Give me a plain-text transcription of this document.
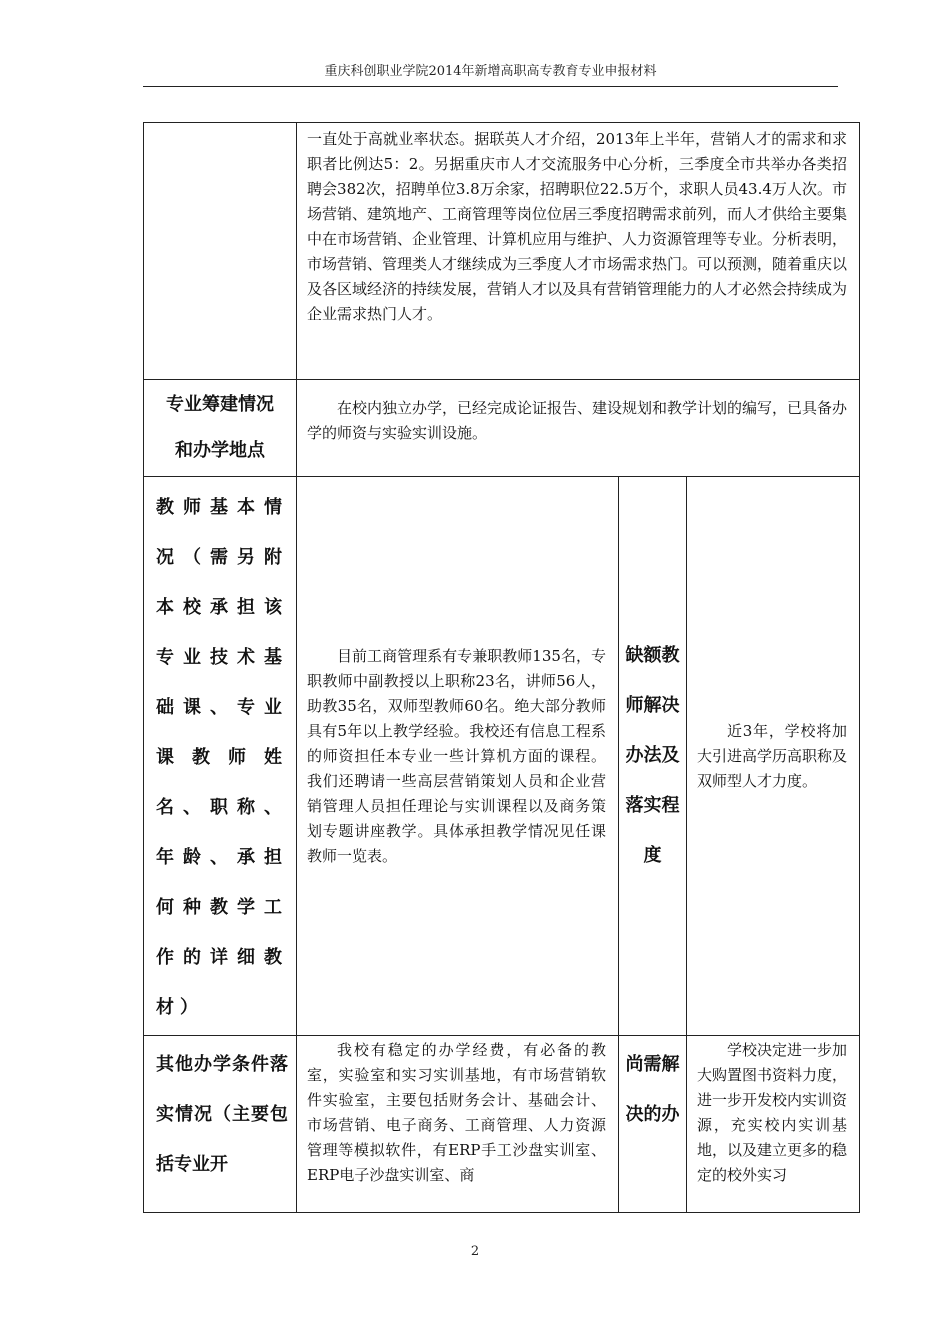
重庆科创职业学院2014年新增高职高专教育专业申报材料

	一直处于高就业率状态。据联英人才介绍，2013年上半年，营销人才的需求和求职者比例达5：2。另据重庆市人才交流服务中心分析，三季度全市共举办各类招聘会382次，招聘单位3.8万余家，招聘职位22.5万个，求职人员43.4万人次。市场营销、建筑地产、工商管理等岗位位居三季度招聘需求前列，而人才供给主要集中在市场营销、企业管理、计算机应用与维护、人力资源管理等专业。分析表明，市场营销、管理类人才继续成为三季度人才市场需求热门。可以预测，随着重庆以及各区域经济的持续发展，营销人才以及具有营销管理能力的人才必然会持续成为企业需求热门人才。		

专业筹建情况
和办学地点	在校内独立办学，已经完成论证报告、建设规划和教学计划的编写，已具备办学的师资与实验实训设施。		

教师基本情况（需另附本校承担该专业技术基础课、专业课教师姓名、职称、年龄、承担何种教学工作的详细教材）	目前工商管理系有专兼职教师135名，专职教师中副教授以上职称23名，讲师56人，助教35名，双师型教师60名。绝大部分教师具有5年以上教学经验。我校还有信息工程系的师资担任本专业一些计算机方面的课程。我们还聘请一些高层营销策划人员和企业营销管理人员担任理论与实训课程以及商务策划专题讲座教学。具体承担教学情况见任课教师一览表。	缺额教师解决办法及落实程度	近3年，学校将加大引进高学历高职称及双师型人才力度。

其他办学条件落实情况（主要包括专业开	我校有稳定的办学经费，有必备的教室，实验室和实习实训基地，有市场营销软件实验室，主要包括财务会计、基础会计、市场营销、电子商务、工商管理、人力资源管理等模拟软件，有ERP手工沙盘实训室、ERP电子沙盘实训室、商	尚需解决的办	学校决定进一步加大购置图书资料力度，进一步开发校内实训资源，充实校内实训基地，以及建立更多的稳定的校外实习
2
